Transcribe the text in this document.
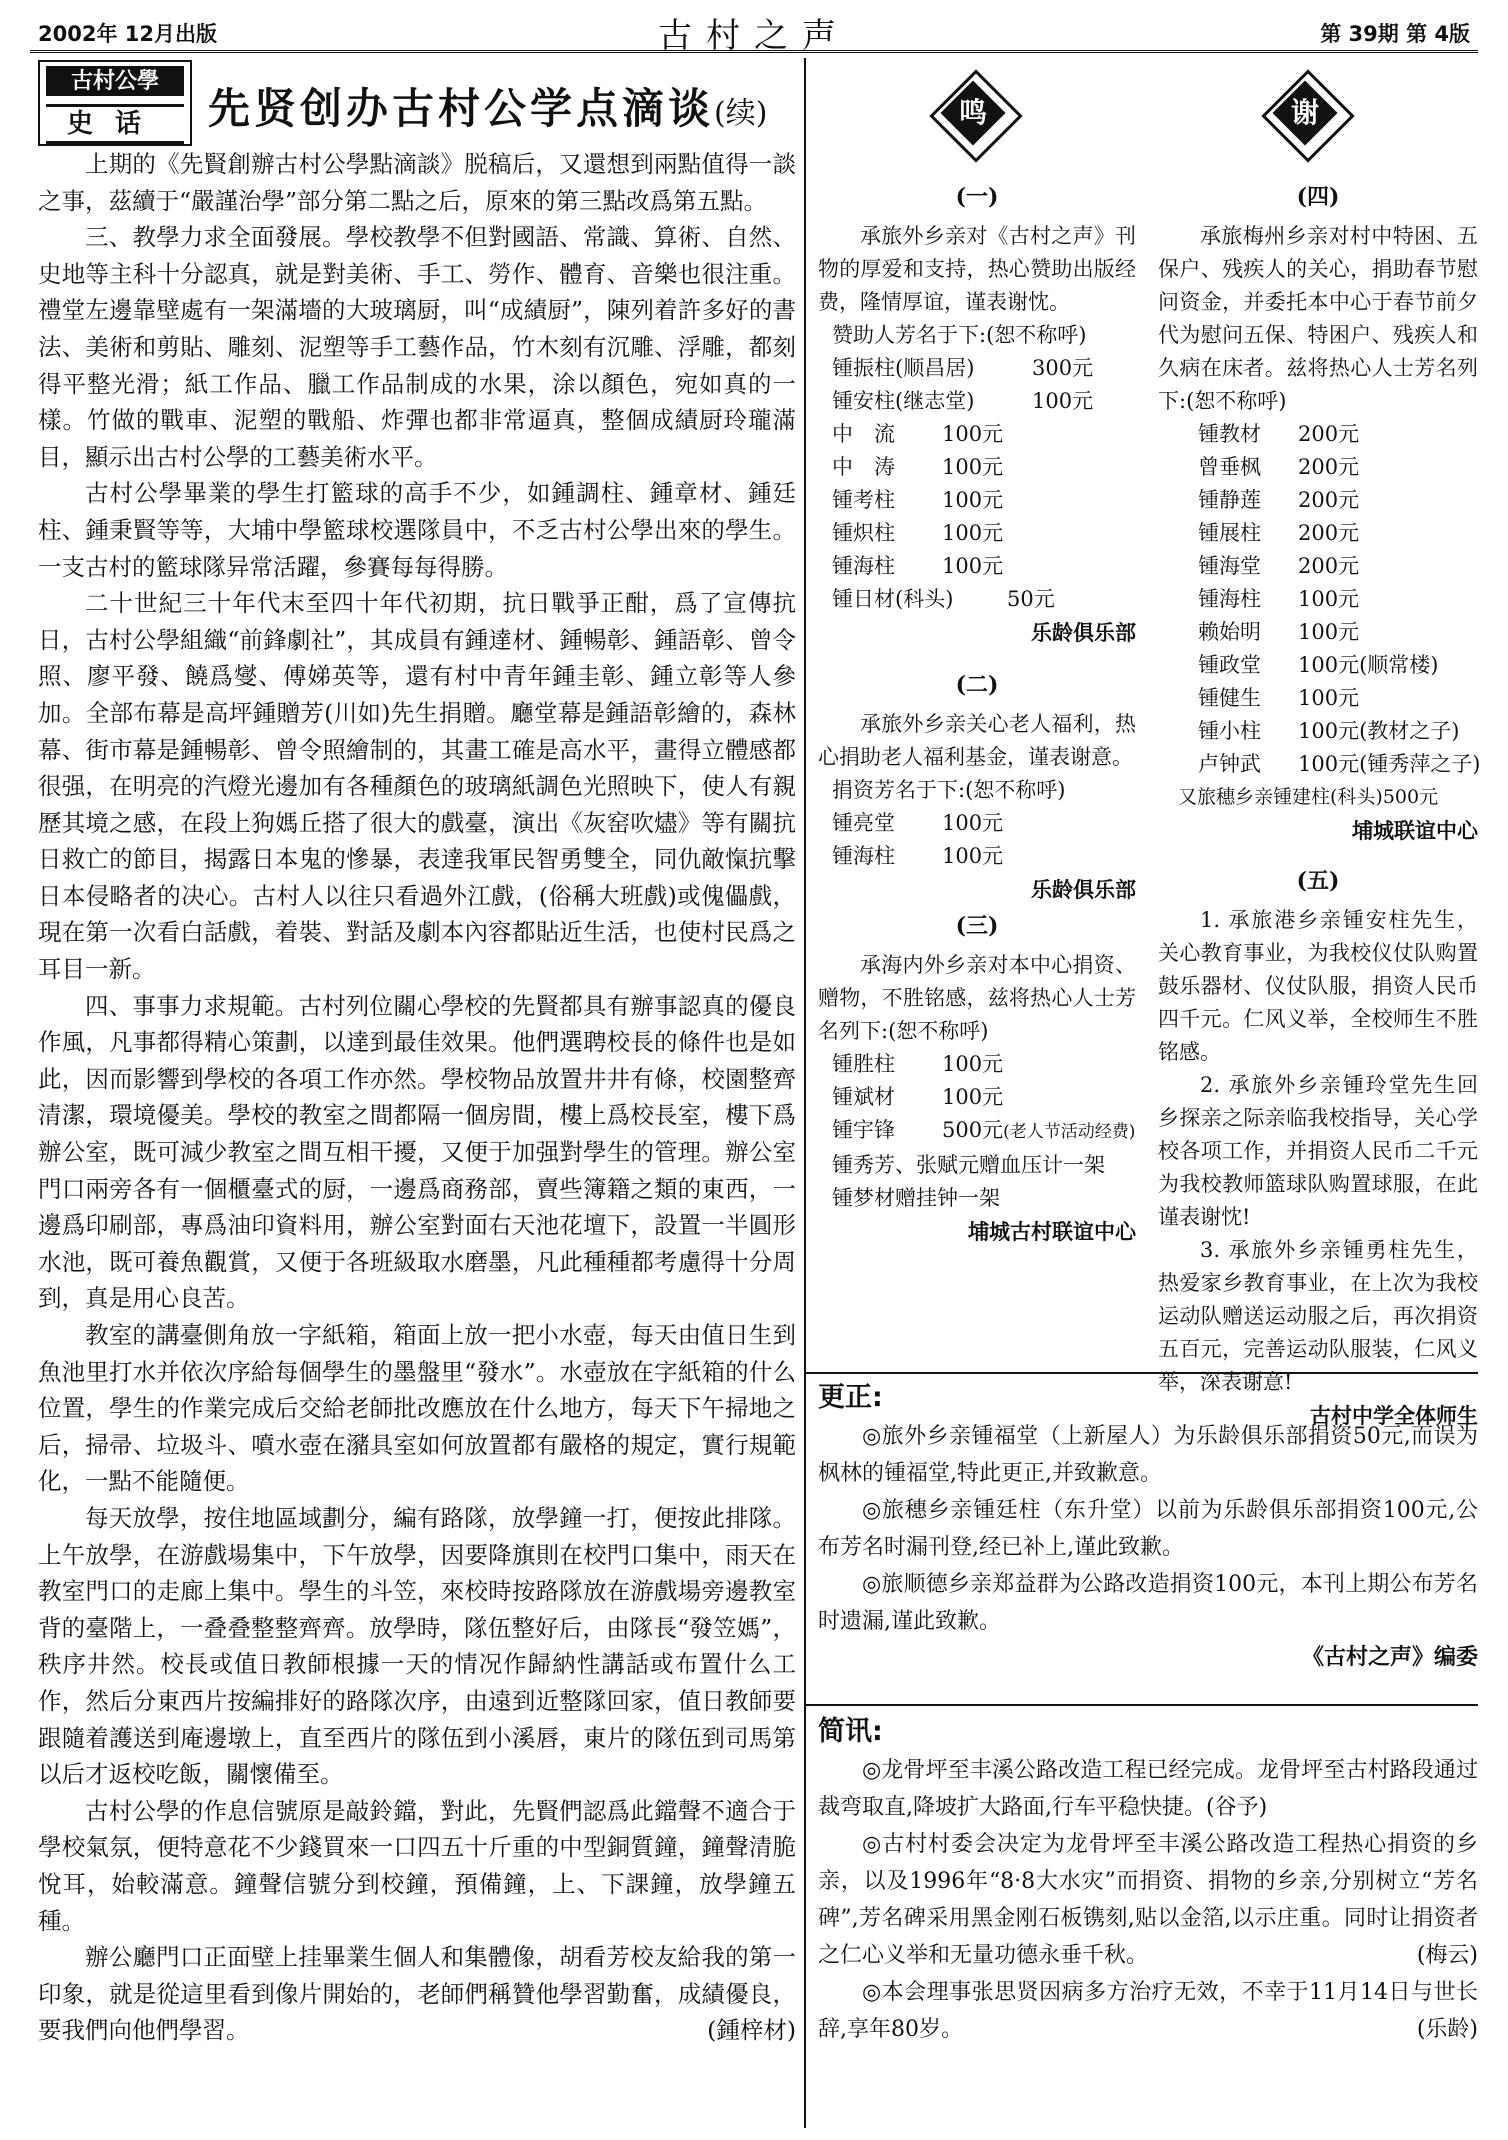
2002年 12月出版	古村之声	第 39期 第 4版
古村公學
史话	先贤创办古村公学点滴谈(续)

上期的《先賢創辦古村公學點滴談》脱稿后，又還想到兩點值得一談之事，茲續于“嚴謹治學”部分第二點之后，原來的第三點改爲第五點。

三、教學力求全面發展。學校教學不但對國語、常識、算術、自然、史地等主科十分認真，就是對美術、手工、勞作、體育、音樂也很注重。禮堂左邊靠壁處有一架滿墻的大玻璃厨，叫“成績厨”，陳列着許多好的書法、美術和剪貼、雕刻、泥塑等手工藝作品，竹木刻有沉雕、浮雕，都刻得平整光滑；紙工作品、臘工作品制成的水果，涂以顏色，宛如真的一樣。竹做的戰車、泥塑的戰船、炸彈也都非常逼真，整個成績厨玲瓏滿目，顯示出古村公學的工藝美術水平。

古村公學畢業的學生打籃球的高手不少，如鍾調柱、鍾章材、鍾廷柱、鍾秉賢等等，大埔中學籃球校選隊員中，不乏古村公學出來的學生。一支古村的籃球隊异常活躍，參賽每每得勝。

二十世紀三十年代末至四十年代初期，抗日戰爭正酣，爲了宣傳抗日，古村公學組織“前鋒劇社”，其成員有鍾達材、鍾暢彰、鍾語彰、曾令照、廖平發、饒爲燮、傅娣英等，還有村中青年鍾圭彰、鍾立彰等人參加。全部布幕是高坪鍾贈芳(川如)先生捐贈。廳堂幕是鍾語彰繪的，森林幕、街市幕是鍾暢彰、曾令照繪制的，其畫工確是高水平，畫得立體感都很强，在明亮的汽燈光邊加有各種顏色的玻璃紙調色光照映下，使人有親歷其境之感，在段上狗媽丘搭了很大的戲臺，演出《灰窑吹燼》等有關抗日救亡的節目，揭露日本鬼的慘暴，表達我軍民智勇雙全，同仇敵愾抗擊日本侵略者的决心。古村人以往只看過外江戲，(俗稱大班戲)或傀儡戲，現在第一次看白話戲，着裝、對話及劇本內容都貼近生活，也使村民爲之耳目一新。

四、事事力求規範。古村列位關心學校的先賢都具有辦事認真的優良作風，凡事都得精心策劃，以達到最佳效果。他們選聘校長的條件也是如此，因而影響到學校的各項工作亦然。學校物品放置井井有條，校園整齊清潔，環境優美。學校的教室之間都隔一個房間，樓上爲校長室，樓下爲辦公室，既可減少教室之間互相干擾，又便于加强對學生的管理。辦公室門口兩旁各有一個櫃臺式的厨，一邊爲商務部，賣些簿籍之類的東西，一邊爲印刷部，專爲油印資料用，辦公室對面右天池花壇下，設置一半圓形水池，既可養魚觀賞，又便于各班級取水磨墨，凡此種種都考慮得十分周到，真是用心良苦。

教室的講臺側角放一字紙箱，箱面上放一把小水壺，每天由值日生到魚池里打水并依次序給每個學生的墨盤里“發水”。水壺放在字紙箱的什么位置，學生的作業完成后交給老師批改應放在什么地方，每天下午掃地之后，掃帚、垃圾斗、噴水壺在瀦具室如何放置都有嚴格的規定，實行規範化，一點不能隨便。

每天放學，按住地區域劃分，編有路隊，放學鐘一打，便按此排隊。上午放學，在游戲場集中，下午放學，因要降旗則在校門口集中，雨天在教室門口的走廊上集中。學生的斗笠，來校時按路隊放在游戲場旁邊教室背的臺階上，一叠叠整整齊齊。放學時，隊伍整好后，由隊長“發笠媽”，秩序井然。校長或值日教師根據一天的情况作歸納性講話或布置什么工作，然后分東西片按編排好的路隊次序，由遠到近整隊回家，值日教師要跟隨着護送到庵邊墩上，直至西片的隊伍到小溪唇，東片的隊伍到司馬第以后才返校吃飯，關懷備至。

古村公學的作息信號原是敲鈴鐺，對此，先賢們認爲此鐺聲不適合于學校氣氛，便特意花不少錢買來一口四五十斤重的中型銅質鐘，鐘聲清脆悅耳，始較滿意。鐘聲信號分到校鐘，預備鐘，上、下課鐘，放學鐘五種。

辦公廳門口正面壁上挂畢業生個人和集體像，胡看芳校友給我的第一印象，就是從這里看到像片開始的，老師們稱贊他學習勤奮，成績優良，要我們向他們學習。	(鍾梓材)

鸣	谢
(一)

承旅外乡亲对《古村之声》刊物的厚爱和支持，热心赞助出版经费，隆情厚谊，谨表谢忱。

赞助人芳名于下:(恕不称呼)
锺振柱(顺昌居)	300元
锺安柱(继志堂)	100元
中　流 100元
中　涛 100元
锺考柱 100元
锺炽柱 100元
锺海柱 100元
锺日材(科头)	50元
乐龄俱乐部
(二)

承旅外乡亲关心老人福利，热心捐助老人福利基金，谨表谢意。

捐资芳名于下:(恕不称呼)
锺亮堂 100元
锺海柱 100元
乐龄俱乐部
(三)

承海内外乡亲对本中心捐资、赠物，不胜铭感，兹将热心人士芳名列下:(恕不称呼)

锺胜柱 100元
锺斌材 100元
锺宇锋 500元(老人节活动经费)
锺秀芳、张赋元赠血压计一架
锺梦材赠挂钟一架
埔城古村联谊中心
(四)

承旅梅州乡亲对村中特困、五保户、残疾人的关心，捐助春节慰问资金，并委托本中心于春节前夕代为慰问五保、特困户、残疾人和久病在床者。兹将热心人士芳名列下:(恕不称呼)

锺教材 200元
曾垂枫 200元
锺静莲 200元
锺展柱 200元
锺海堂 200元
锺海柱 100元
赖始明 100元
锺政堂 100元(顺常楼)
锺健生 100元
锺小柱 100元(教材之子)
卢钟武 100元(锺秀萍之子)
又旅穗乡亲锺建柱(科头)500元
埔城联谊中心
(五)

1. 承旅港乡亲锺安柱先生，关心教育事业，为我校仪仗队购置鼓乐器材、仪仗队服，捐资人民币四千元。仁风义举，全校师生不胜铭感。

2. 承旅外乡亲锺玲堂先生回乡探亲之际亲临我校指导，关心学校各项工作，并捐资人民币二千元为我校教师篮球队购置球服，在此谨表谢忱!

3. 承旅外乡亲锺勇柱先生，热爱家乡教育事业，在上次为我校运动队赠送运动服之后，再次捐资五百元，完善运动队服装，仁风义举，深表谢意!

古村中学全体师生
更正:

◎旅外乡亲锺福堂（上新屋人）为乐龄俱乐部捐资50元,而误为枫林的锺福堂,特此更正,并致歉意。

◎旅穗乡亲锺廷柱（东升堂）以前为乐龄俱乐部捐资100元,公布芳名时漏刊登,经已补上,谨此致歉。

◎旅顺德乡亲郑益群为公路改造捐资100元，本刊上期公布芳名时遗漏,谨此致歉。

《古村之声》编委
简讯:

◎龙骨坪至丰溪公路改造工程已经完成。龙骨坪至古村路段通过裁弯取直,降坡扩大路面,行车平稳快捷。(谷予)

◎古村村委会决定为龙骨坪至丰溪公路改造工程热心捐资的乡亲，以及1996年“8·8大水灾”而捐资、捐物的乡亲,分别树立“芳名碑”,芳名碑采用黑金刚石板镌刻,贴以金箔,以示庄重。同时让捐资者之仁心义举和无量功德永垂千秋。	(梅云)

◎本会理事张思贤因病多方治疗无效，不幸于11月14日与世长辞,享年80岁。	(乐龄)
